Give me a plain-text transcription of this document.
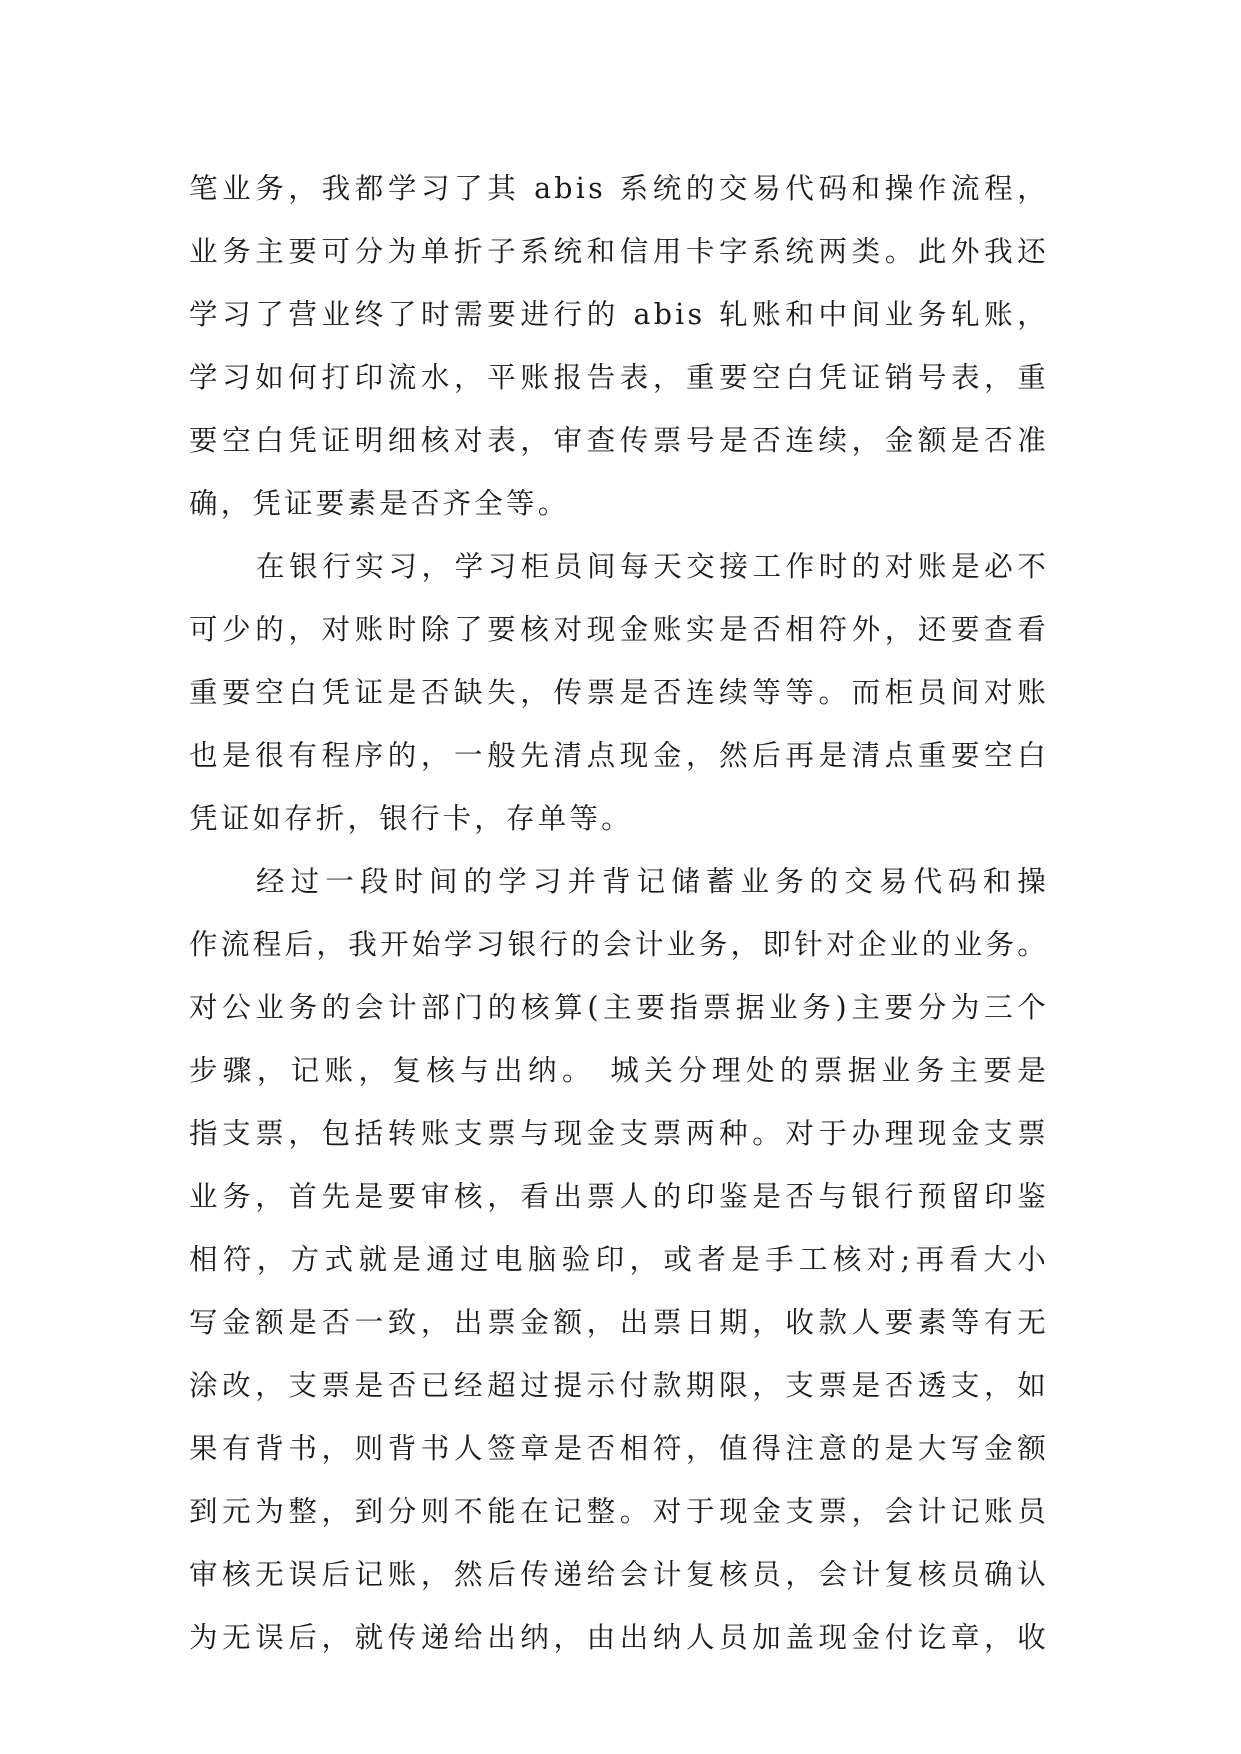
笔业务，我都学习了其 abis 系统的交易代码和操作流程，
业务主要可分为单折子系统和信用卡字系统两类。此外我还
学习了营业终了时需要进行的 abis 轧账和中间业务轧账，
学习如何打印流水，平账报告表，重要空白凭证销号表，重
要空白凭证明细核对表，审查传票号是否连续，金额是否准
确，凭证要素是否齐全等。
在银行实习，学习柜员间每天交接工作时的对账是必不
可少的，对账时除了要核对现金账实是否相符外，还要查看
重要空白凭证是否缺失，传票是否连续等等。而柜员间对账
也是很有程序的，一般先清点现金，然后再是清点重要空白
凭证如存折，银行卡，存单等。
经过一段时间的学习并背记储蓄业务的交易代码和操
作流程后，我开始学习银行的会计业务，即针对企业的业务。
对公业务的会计部门的核算(主要指票据业务)主要分为三个
步骤，记账，复核与出纳。 城关分理处的票据业务主要是
指支票，包括转账支票与现金支票两种。对于办理现金支票
业务，首先是要审核，看出票人的印鉴是否与银行预留印鉴
相符，方式就是通过电脑验印，或者是手工核对;再看大小
写金额是否一致，出票金额，出票日期，收款人要素等有无
涂改，支票是否已经超过提示付款期限，支票是否透支，如
果有背书，则背书人签章是否相符，值得注意的是大写金额
到元为整，到分则不能在记整。对于现金支票，会计记账员
审核无误后记账，然后传递给会计复核员，会计复核员确认
为无误后，就传递给出纳，由出纳人员加盖现金付讫章，收
